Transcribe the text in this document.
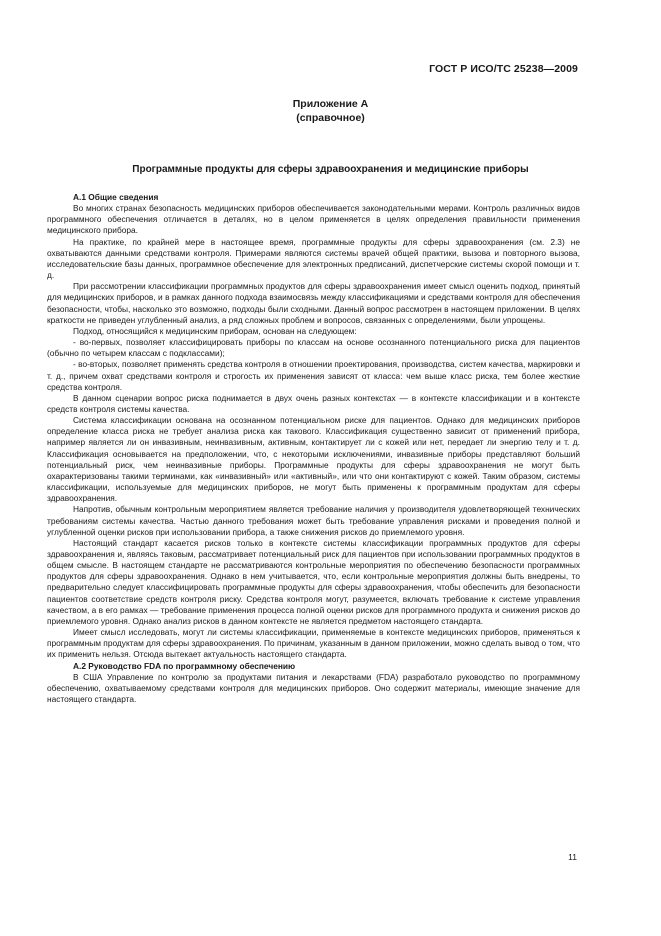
ГОСТ Р ИСО/ТС 25238—2009
Приложение А
(справочное)
Программные продукты для сферы здравоохранения и медицинские приборы
А.1 Общие сведения

Во многих странах безопасность медицинских приборов обеспечивается законодательными мерами. Контроль различных видов программного обеспечения отличается в деталях, но в целом применяется в целях определения правильности применения медицинского прибора.

На практике, по крайней мере в настоящее время, программные продукты для сферы здравоохранения (см. 2.3) не охватываются данными средствами контроля. Примерами являются системы врачей общей практики, вызова и повторного вызова, исследовательские базы данных, программное обеспечение для электронных предписаний, диспетчерские системы скорой помощи и т. д.

При рассмотрении классификации программных продуктов для сферы здравоохранения имеет смысл оценить подход, принятый для медицинских приборов, и в рамках данного подхода взаимосвязь между классификациями и средствами контроля для обеспечения безопасности, чтобы, насколько это возможно, подходы были сходными. Данный вопрос рассмотрен в настоящем приложении. В целях краткости не приведен углубленный анализ, а ряд сложных проблем и вопросов, связанных с определениями, были упрощены.

Подход, относящийся к медицинским приборам, основан на следующем:

- во-первых, позволяет классифицировать приборы по классам на основе осознанного потенциального риска для пациентов (обычно по четырем классам с подклассами);

- во-вторых, позволяет применять средства контроля в отношении проектирования, производства, систем качества, маркировки и т. д., причем охват средствами контроля и строгость их применения зависят от класса: чем выше класс риска, тем более жесткие средства контроля.

В данном сценарии вопрос риска поднимается в двух очень разных контекстах — в контексте классификации и в контексте средств контроля системы качества.

Система классификации основана на осознанном потенциальном риске для пациентов. Однако для медицинских приборов определение класса риска не требует анализа риска как такового. Классификация существенно зависит от применений прибора, например является ли он инвазивным, неинвазивным, активным, контактирует ли с кожей или нет, передает ли энергию телу и т. д. Классификация основывается на предположении, что, с некоторыми исключениями, инвазивные приборы представляют больший потенциальный риск, чем неинвазивные приборы. Программные продукты для сферы здравоохранения не могут быть охарактеризованы такими терминами, как «инвазивный» или «активный», или что они контактируют с кожей. Таким образом, системы классификации, используемые для медицинских приборов, не могут быть применены к программным продуктам для сферы здравоохранения.

Напротив, обычным контрольным мероприятием является требование наличия у производителя удовлетворяющей технических требованиям системы качества. Частью данного требования может быть требование управления рисками и проведения полной и углубленной оценки рисков при использовании прибора, а также снижения рисков до приемлемого уровня.

Настоящий стандарт касается рисков только в контексте системы классификации программных продуктов для сферы здравоохранения и, являясь таковым, рассматривает потенциальный риск для пациентов при использовании программных продуктов в общем смысле. В настоящем стандарте не рассматриваются контрольные мероприятия по обеспечению безопасности программных продуктов для сферы здравоохранения. Однако в нем учитывается, что, если контрольные мероприятия должны быть внедрены, то предварительно следует классифицировать программные продукты для сферы здравоохранения, чтобы обеспечить для безопасности пациентов соответствие средств контроля риску. Средства контроля могут, разумеется, включать требование к системе управления качеством, а в его рамках — требование применения процесса полной оценки рисков для программного продукта и снижения рисков до приемлемого уровня. Однако анализ рисков в данном контексте не является предметом настоящего стандарта.

Имеет смысл исследовать, могут ли системы классификации, применяемые в контексте медицинских приборов, применяться к программным продуктам для сферы здравоохранения. По причинам, указанным в данном приложении, можно сделать вывод о том, что их применить нельзя. Отсюда вытекает актуальность настоящего стандарта.

А.2 Руководство FDA по программному обеспечению

В США Управление по контролю за продуктами питания и лекарствами (FDA) разработало руководство по программному обеспечению, охватываемому средствами контроля для медицинских приборов. Оно содержит материалы, имеющие значение для настоящего стандарта.

11
